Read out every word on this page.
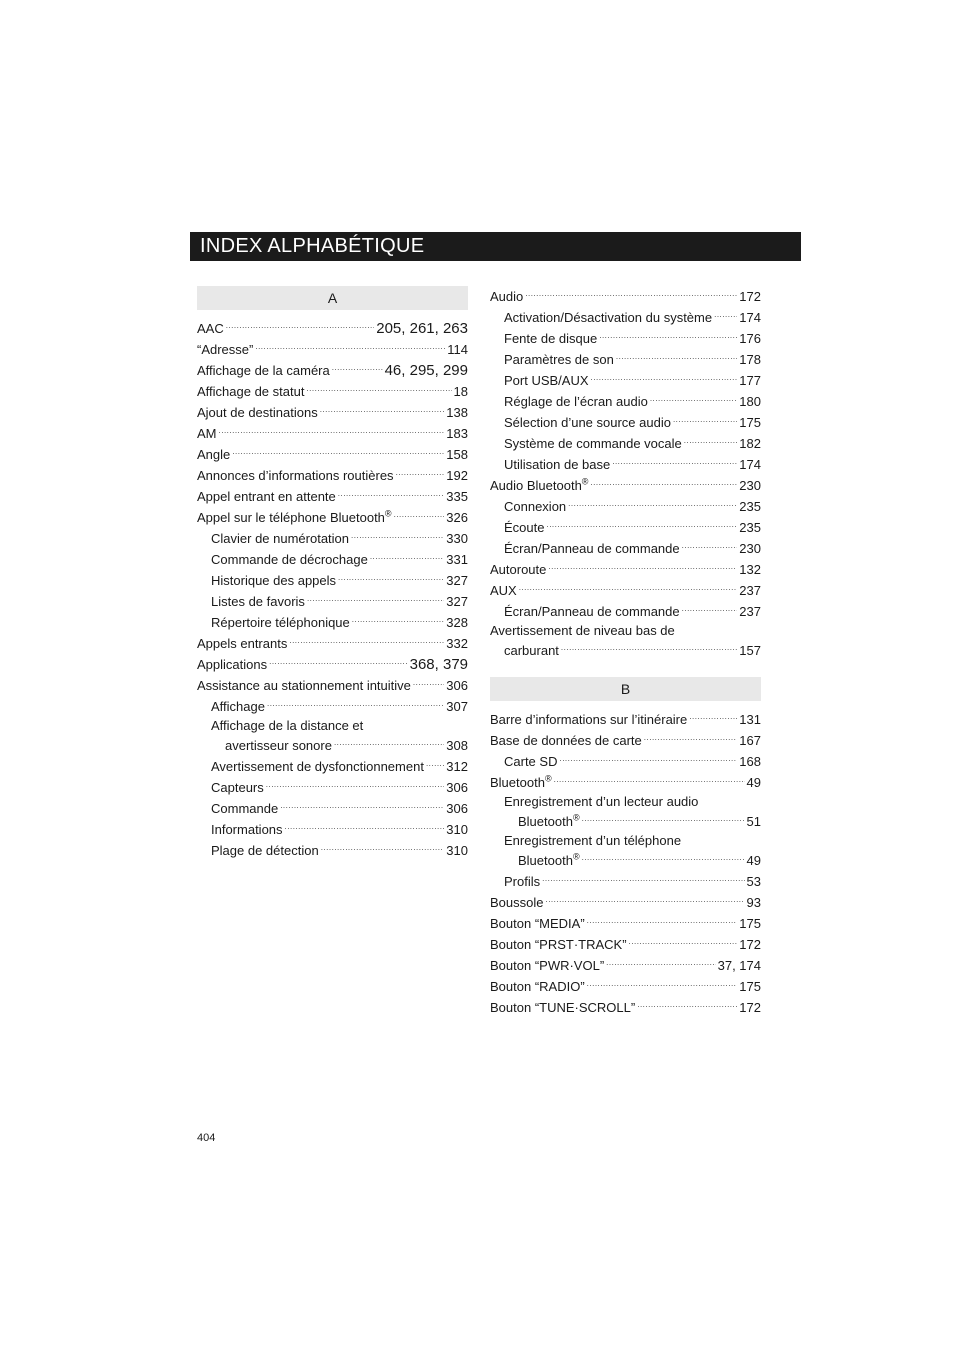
INDEX ALPHABÉTIQUE
A
AAC .....	205, 261, 263
“Adresse” .....	114
Affichage de la caméra .....	46, 295, 299
Affichage de statut .....	18
Ajout de destinations .....	138
AM .....	183
Angle .....	158
Annonces d’informations routières .....	192
Appel entrant en attente .....	335
Appel sur le téléphone Bluetooth® .....	326
Clavier de numérotation .....	330
Commande de décrochage .....	331
Historique des appels .....	327
Listes de favoris .....	327
Répertoire téléphonique .....	328
Appels entrants .....	332
Applications .....	368, 379
Assistance au stationnement intuitive .....	306
Affichage .....	307
Affichage de la distance et
avertisseur sonore .....	308
Avertissement de dysfonctionnement ..... 312
Capteurs .....	306
Commande .....	306
Informations .....	310
Plage de détection .....	310
Audio .....	172
Activation/Désactivation du système ..... 174
Fente de disque .....	176
Paramètres de son .....	178
Port USB/AUX .....	177
Réglage de l’écran audio .....	180
Sélection d’une source audio .....	175
Système de commande vocale .....	182
Utilisation de base .....	174
Audio Bluetooth® .....	230
Connexion .....	235
Écoute .....	235
Écran/Panneau de commande .....	230
Autoroute .....	132
AUX .....	237
Écran/Panneau de commande .....	237
Avertissement de niveau bas de
carburant .....	157
B
Barre d’informations sur l’itinéraire .....	131
Base de données de carte .....	167
Carte SD .....	168
Bluetooth® .....	49
Enregistrement d’un lecteur audio
Bluetooth® .....	51
Enregistrement d’un téléphone
Bluetooth® .....	49
Profils .....	53
Boussole .....	93
Bouton “MEDIA” .....	175
Bouton “PRST·TRACK” .....	172
Bouton “PWR·VOL” .....	37, 174
Bouton “RADIO” .....	175
Bouton “TUNE·SCROLL” .....	172
404
